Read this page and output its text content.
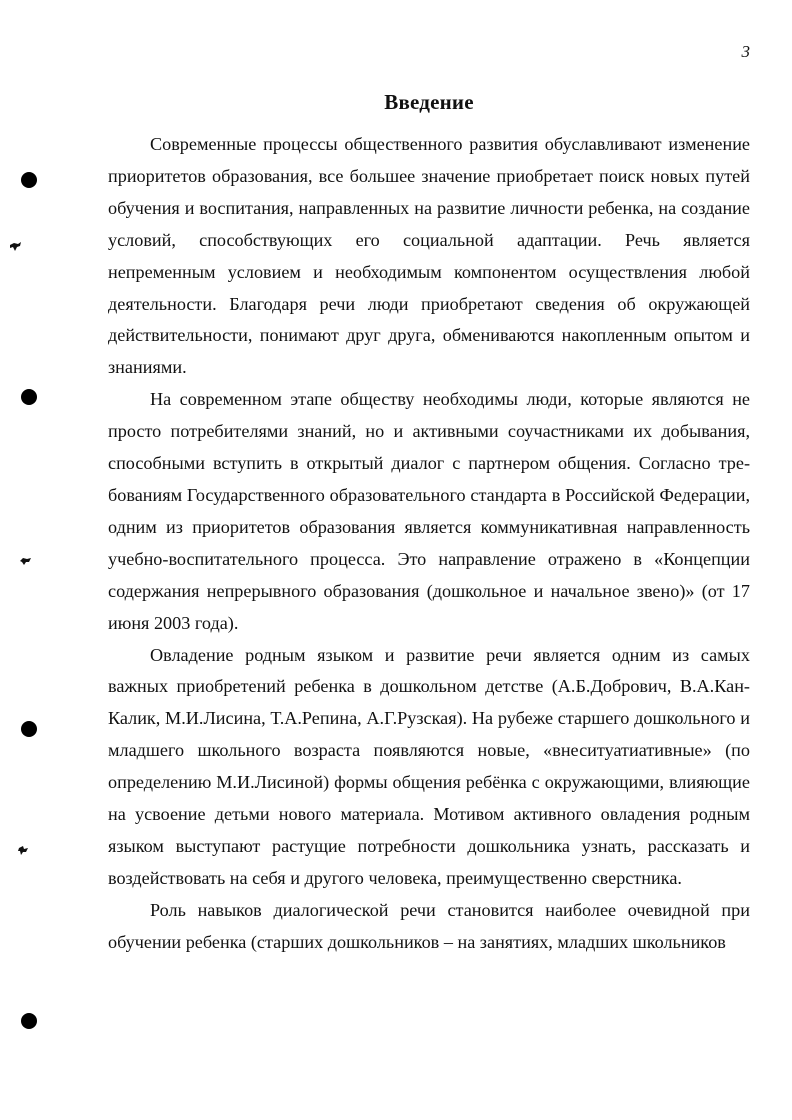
3
Введение

Современные процессы общественного развития обуславливают изменение приоритетов образования, все большее значение приобретает поиск новых путей обучения и воспитания, направленных на развитие личности ребенка, на создание условий, способствующих его социальной адаптации. Речь является непременным условием и необходимым компонентом осуществления любой деятельности. Благодаря речи люди приобретают сведения об окружающей действительности, понимают друг друга, обмениваются накопленным опытом и знаниями.

На современном этапе обществу необходимы люди, которые являются не просто потребителями знаний, но и активными соучастниками их добывания, способными вступить в открытый диалог с партнером общения. Согласно требованиям Государственного образовательного стандарта в Российской Федерации, одним из приоритетов образования является коммуникативная направленность учебно-воспитательного процесса. Это направление отражено в «Концепции содержания непрерывного образования (дошкольное и начальное звено)» (от 17 июня 2003 года).

Овладение родным языком и развитие речи является одним из самых важных приобретений ребенка в дошкольном детстве (А.Б.Добрович, В.А.Кан-Калик, М.И.Лисина, Т.А.Репина, А.Г.Рузская). На рубеже старшего дошкольного и младшего школьного возраста появляются новые, «внеситуатиативные» (по определению М.И.Лисиной) формы общения ребёнка с окружающими, влияющие на усвоение детьми нового материала. Мотивом активного овладения родным языком выступают растущие потребности дошкольника узнать, рассказать и воздействовать на себя и другого человека, преимущественно сверстника.

Роль навыков диалогической речи становится наиболее очевидной при обучении ребенка (старших дошкольников – на занятиях, младших школьников
